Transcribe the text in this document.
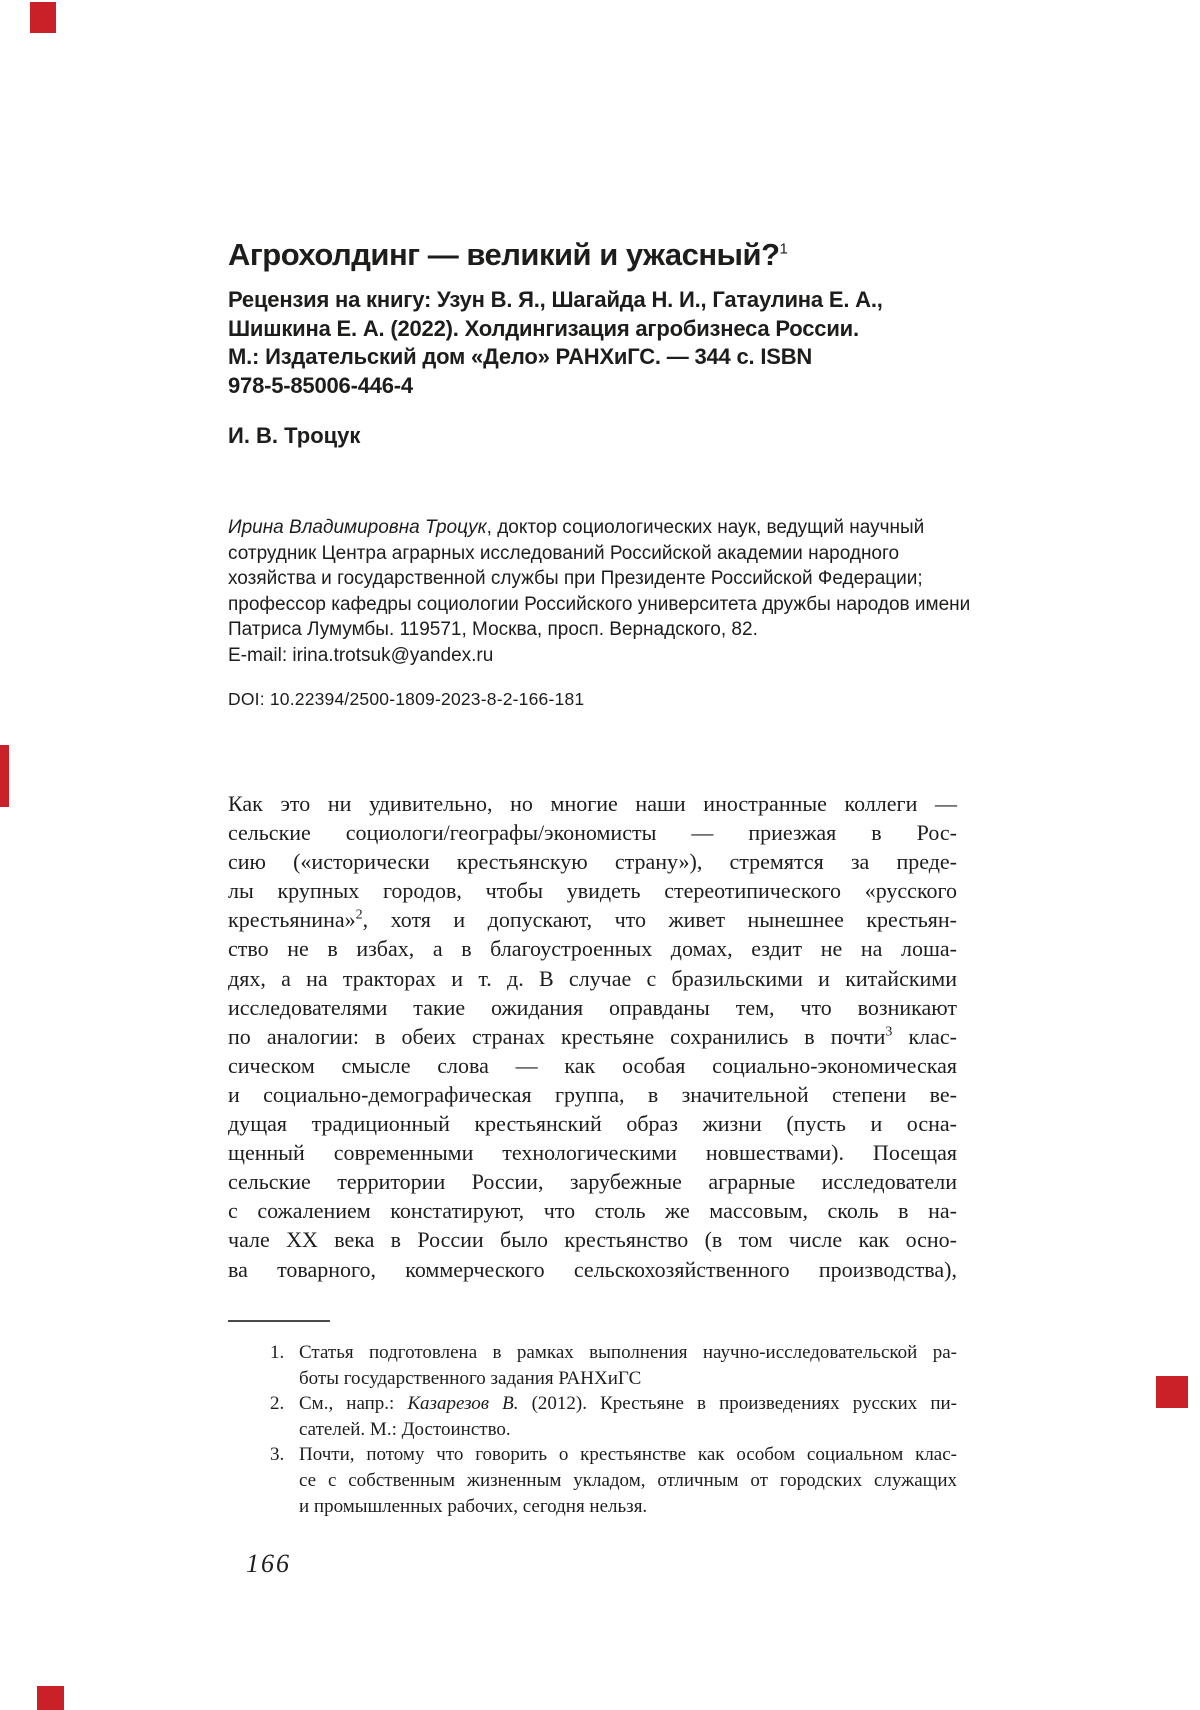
Агрохолдинг — великий и ужасный?$^1$
Рецензия на книгу: Узун В. Я., Шагайда Н. И., Гатаулина Е. А.,
Шишкина Е. А. (2022). Холдингизация агробизнеса России.
М.: Издательский дом «Дело» РАНХиГС. — 344 с. ISBN
978-5-85006-446-4
И. В. Троцук
Ирина Владимировна Троцук, доктор социологических наук, ведущий научный
сотрудник Центра аграрных исследований Российской академии народного
хозяйства и государственной службы при Президенте Российской Федерации;
профессор кафедры социологии Российского университета дружбы народов имени
Патриса Лумумбы. 119571, Москва, просп. Вернадского, 82.
E-mail: irina.trotsuk@yandex.ru
DOI: 10.22394/2500-1809-2023-8-2-166-181
Как это ни удивительно, но многие наши иностранные коллеги —
сельские социологи/географы/экономисты — приезжая в Рос-
сию («исторически крестьянскую страну»), стремятся за преде-
лы крупных городов, чтобы увидеть стереотипического «русского
крестьянина»$^2$, хотя и допускают, что живет нынешнее крестьян-
ство не в избах, а в благоустроенных домах, ездит не на лоша-
дях, а на тракторах и т. д. В случае с бразильскими и китайскими
исследователями такие ожидания оправданы тем, что возникают
по аналогии: в обеих странах крестьяне сохранились в почти$^3$ клас-
сическом смысле слова — как особая социально-экономическая
и социально-демографическая группа, в значительной степени ве-
дущая традиционный крестьянский образ жизни (пусть и осна-
щенный современными технологическими новшествами). Посещая
сельские территории России, зарубежные аграрные исследователи
с сожалением констатируют, что столь же массовым, сколь в на-
чале XX века в России было крестьянство (в том числе как осно-
ва товарного, коммерческого сельскохозяйственного производства),
1. Статья подготовлена в рамках выполнения научно-исследовательской ра-
боты государственного задания РАНХиГС
2. См., напр.: Казарезов В. (2012). Крестьяне в произведениях русских пи-
сателей. М.: Достоинство.
3. Почти, потому что говорить о крестьянстве как особом социальном клас-
се с собственным жизненным укладом, отличным от городских служащих
и промышленных рабочих, сегодня нельзя.
166
